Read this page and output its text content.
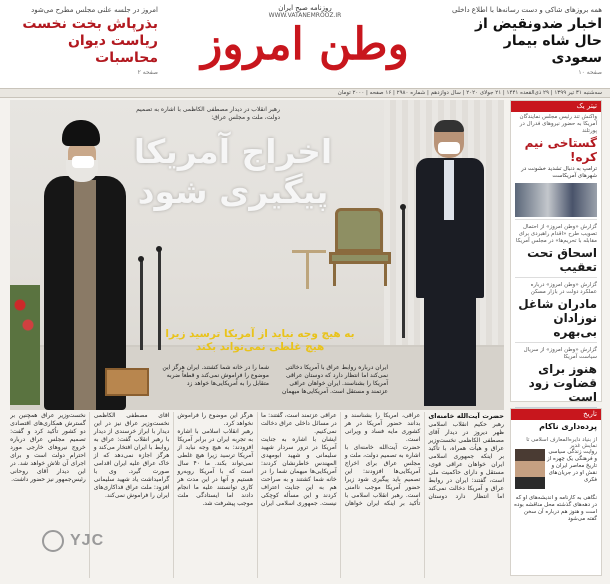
امروز در جلسه علنی مجلس مطرح می‌شود
بذرپاش بخت نخست ریاست دیوان محاسبات
صفحه ۲
روزنامه صبح ایران
WWW.VATANEMROOZ.IR
وطن امروز
همه بروزهای شاکی و دست رسانه‌ها با اطلاع داخلی
اخبار ضدونقیض از حال شاه بیمار سعودی
صفحه ۱۰
سه‌شنبه ۳۱ تیر ۱۳۹۹ | ۲۹ ذی‌القعده ۱۴۴۱ | ۲۱ جولای ۲۰۲۰ | سال دوازدهم | شماره ۲۹۸۰ | ۱۶ صفحه | ۲۰۰۰ تومان
رهبر انقلاب در دیدار مصطفی الکاظمی با اشاره به تصمیم دولت، ملت و مجلس عراق:
اخراج آمریکا پیگیری شود
به هیچ وجه نباید از آمریکا ترسید زیرا هیچ غلطی نمی‌تواند بکند
ایران درباره روابط عراق با آمریکا دخالتی نمی‌کند اما انتظار دارد که دوستان عراقی آمریکا را بشناسند. ایران خواهان عراقی عزتمند و مستقل است. آمریکایی‌ها میهمان شما را در خانه شما کشتند. ایران هرگز این موضوع را فراموش نمی‌کند و قطعاً ضربه متقابل را به آمریکایی‌ها خواهد زد
تیتر یک
واکنش تند رئیس مجلس نمایندگان آمریکا به حضور نیروهای فدرال در پورتلند
گستاخی نیم کره!
ترامپ به دنبال تشدید خشونت در شهرهای آمریکاست
گزارش «وطن امروز» از احتمال تصویب طرح «اقدام راهبردی برای مقابله با تحریم‌ها» در مجلس آمریکا
اسحاق تحت تعقیب
گزارش «وطن امروز» درباره عملکرد دولت در بازار مسکن
مادران شاغل نوزادان بی‌بهره
گزارش «وطن امروز» از سریال سیاست آمریکا
هنوز برای قضاوت زود است

حضرت آیت‌الله خامنه‌ای رهبر حکیم انقلاب اسلامی ظهر دیروز در دیدار آقای مصطفی الکاظمی نخست‌وزیر عراق و هیأت همراه، با تأکید بر اینکه جمهوری اسلامی ایران خواهان عراقی قوی، مستقل و دارای حاکمیت ملی است، گفتند: ایران در روابط عراق و آمریکا دخالت نمی‌کند اما انتظار دارد دوستان عراقی، آمریکا را بشناسند و بدانند حضور آمریکا در هر کشوری مایه فساد و ویرانی است.

حضرت آیت‌الله خامنه‌ای با اشاره به تصمیم دولت، ملت و مجلس عراق برای اخراج آمریکایی‌ها افزودند: این تصمیم باید پیگیری شود زیرا حضور آمریکا موجب ناامنی است. رهبر انقلاب اسلامی با تأکید بر اینکه ایران خواهان عراقی عزتمند است، گفتند: ما در مسائل داخلی عراق دخالت نمی‌کنیم.

ایشان با اشاره به جنایت آمریکا در ترور سردار شهید سلیمانی و شهید ابومهدی المهندس خاطرنشان کردند: آمریکایی‌ها میهمان شما را در خانه شما کشتند و به صراحت هم به این جنایت اعتراف کردند و این مسأله کوچکی نیست. جمهوری اسلامی ایران هرگز این موضوع را فراموش نخواهد کرد.

رهبر انقلاب اسلامی با اشاره به تجربه ایران در برابر آمریکا افزودند: به هیچ وجه نباید از آمریکا ترسید زیرا هیچ غلطی نمی‌تواند بکند. ما ۴۰ سال است که با آمریکا روبه‌رو هستیم و آنها در این مدت هر کاری توانستند علیه ما انجام دادند اما ایستادگی ملت موجب پیشرفت شد.

آقای مصطفی الکاظمی نخست‌وزیر عراق نیز در این دیدار با ابراز خرسندی از دیدار با رهبر انقلاب گفت: عراق به روابط با ایران افتخار می‌کند و هرگز اجازه نمی‌دهد که از خاک عراق علیه ایران اقدامی صورت گیرد. وی با گرامیداشت یاد شهید سلیمانی افزود: ملت عراق فداکاری‌های ایران را فراموش نمی‌کند.

نخست‌وزیر عراق همچنین بر گسترش همکاری‌های اقتصادی دو کشور تأکید کرد و گفت: تصمیم مجلس عراق درباره خروج نیروهای خارجی مورد احترام دولت است و برای اجرای آن تلاش خواهد شد. در این دیدار آقای روحانی رئیس‌جمهور نیز حضور داشت.

تاریخ
پرده‌داری ناکام
از بنیاد دایره‌المعارف اسلامی تا نمایش غدیر
روایت زندگی سیاسی و فرهنگی یک چهره از تاریخ معاصر ایران و نقش او در جریان‌های فکری
نگاهی به کارنامه و اندیشه‌های او که در دهه‌های گذشته محل مناقشه بوده است و هنوز هم درباره آن سخن گفته می‌شود
YJC
